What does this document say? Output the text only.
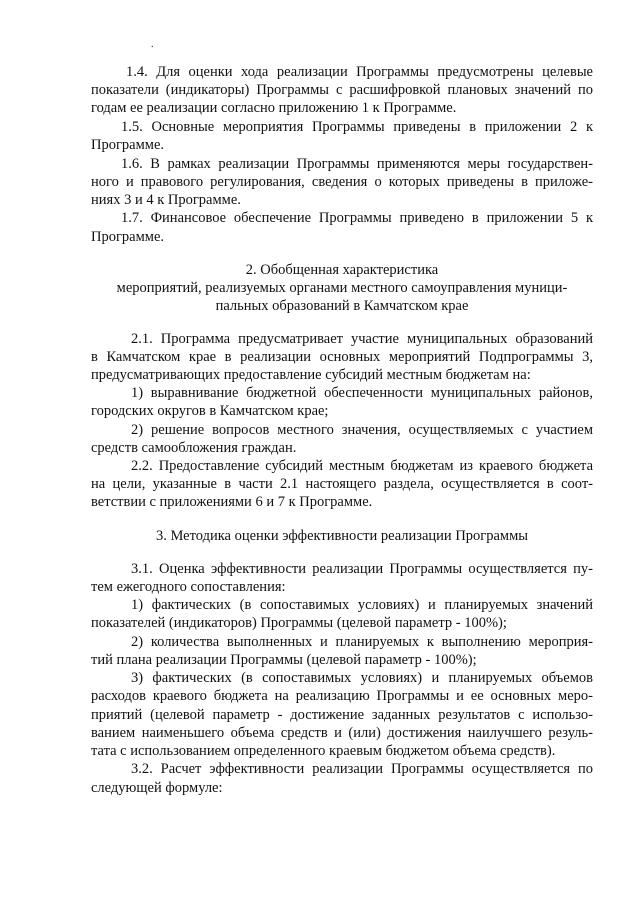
.
1.4. Для оценки хода реализации Программы предусмотрены целевые
показатели (индикаторы) Программы с расшифровкой плановых значений по
годам ее реализации согласно приложению 1 к Программе.
1.5. Основные мероприятия Программы приведены в приложении 2 к
Программе.
1.6. В рамках реализации Программы применяются меры государствен-
ного и правового регулирования, сведения о которых приведены в приложе-
ниях 3 и 4 к Программе.
1.7. Финансовое обеспечение Программы приведено в приложении 5 к
Программе.
2. Обобщенная характеристика
мероприятий, реализуемых органами местного самоуправления муници-
пальных образований в Камчатском крае
2.1. Программа предусматривает участие муниципальных образований
в Камчатском крае в реализации основных мероприятий Подпрограммы 3,
предусматривающих предоставление субсидий местным бюджетам на:
1) выравнивание бюджетной обеспеченности муниципальных районов,
городских округов в Камчатском крае;
2) решение вопросов местного значения, осуществляемых с участием
средств самообложения граждан.
2.2. Предоставление субсидий местным бюджетам из краевого бюджета
на цели, указанные в части 2.1 настоящего раздела, осуществляется в соот-
ветствии с приложениями 6 и 7 к Программе.
3. Методика оценки эффективности реализации Программы
3.1. Оценка эффективности реализации Программы осуществляется пу-
тем ежегодного сопоставления:
1) фактических (в сопоставимых условиях) и планируемых значений
показателей (индикаторов) Программы (целевой параметр - 100%);
2) количества выполненных и планируемых к выполнению мероприя-
тий плана реализации Программы (целевой параметр - 100%);
3) фактических (в сопоставимых условиях) и планируемых объемов
расходов краевого бюджета на реализацию Программы и ее основных меро-
приятий (целевой параметр - достижение заданных результатов с использо-
ванием наименьшего объема средств и (или) достижения наилучшего резуль-
тата с использованием определенного краевым бюджетом объема средств).
3.2. Расчет эффективности реализации Программы осуществляется по
следующей формуле:
